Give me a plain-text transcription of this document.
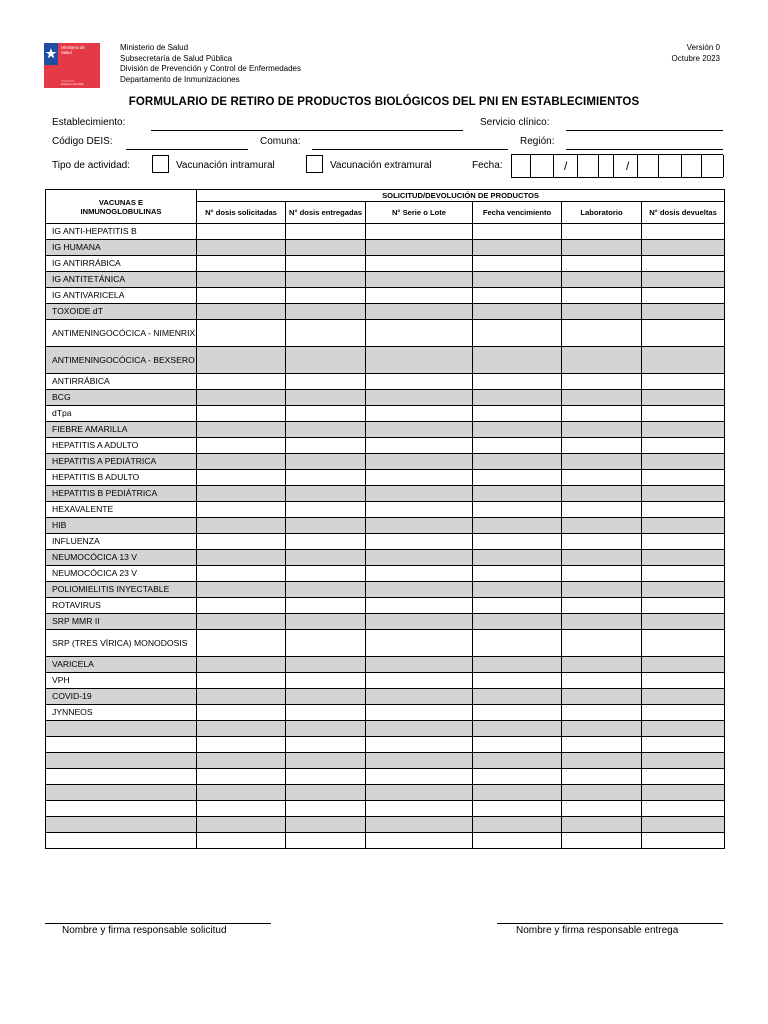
Ministerio de
Salud
Gobierno de Chile
Ministerio de Salud
Subsecretaría de Salud Pública
División de Prevención y Control de Enfermedades
Departamento de Inmunizaciones
Versión 0
Octubre 2023
FORMULARIO DE RETIRO DE PRODUCTOS BIOLÓGICOS DEL PNI EN ESTABLECIMIENTOS
Establecimiento:	Servicio clínico:
Código DEIS:	Comuna:	Región:
Tipo de actividad:	Vacunación intramural	Vacunación extramural	Fecha:	/	/
VACUNAS E INMUNOGLOBULINAS	SOLICITUD/DEVOLUCIÓN DE PRODUCTOS					
	N° dosis solicitadas	N° dosis entregadas	N° Serie o Lote	Fecha vencimiento	Laboratorio	N° dosis devueltas
IG ANTI-HEPATITIS B						
IG HUMANA						
IG ANTIRRÁBICA						
IG ANTITETÁNICA						
IG ANTIVARICELA						
TOXOIDE dT						
ANTIMENINGOCÓCICA - NIMENRIX						
ANTIMENINGOCÓCICA - BEXSERO						
ANTIRRÁBICA						
BCG						
dTpa						
FIEBRE AMARILLA						
HEPATITIS A ADULTO						
HEPATITIS A PEDIÁTRICA						
HEPATITIS B ADULTO						
HEPATITIS B PEDIÁTRICA						
HEXAVALENTE						
HIB						
INFLUENZA						
NEUMOCÓCICA 13 V						
NEUMOCÓCICA 23 V						
POLIOMIELITIS INYECTABLE						
ROTAVIRUS						
SRP MMR II						
SRP (TRES VÍRICA) MONODOSIS						
VARICELA						
VPH						
COVID-19						
JYNNEOS						

Nombre y firma responsable solicitud	Nombre y firma responsable entrega
